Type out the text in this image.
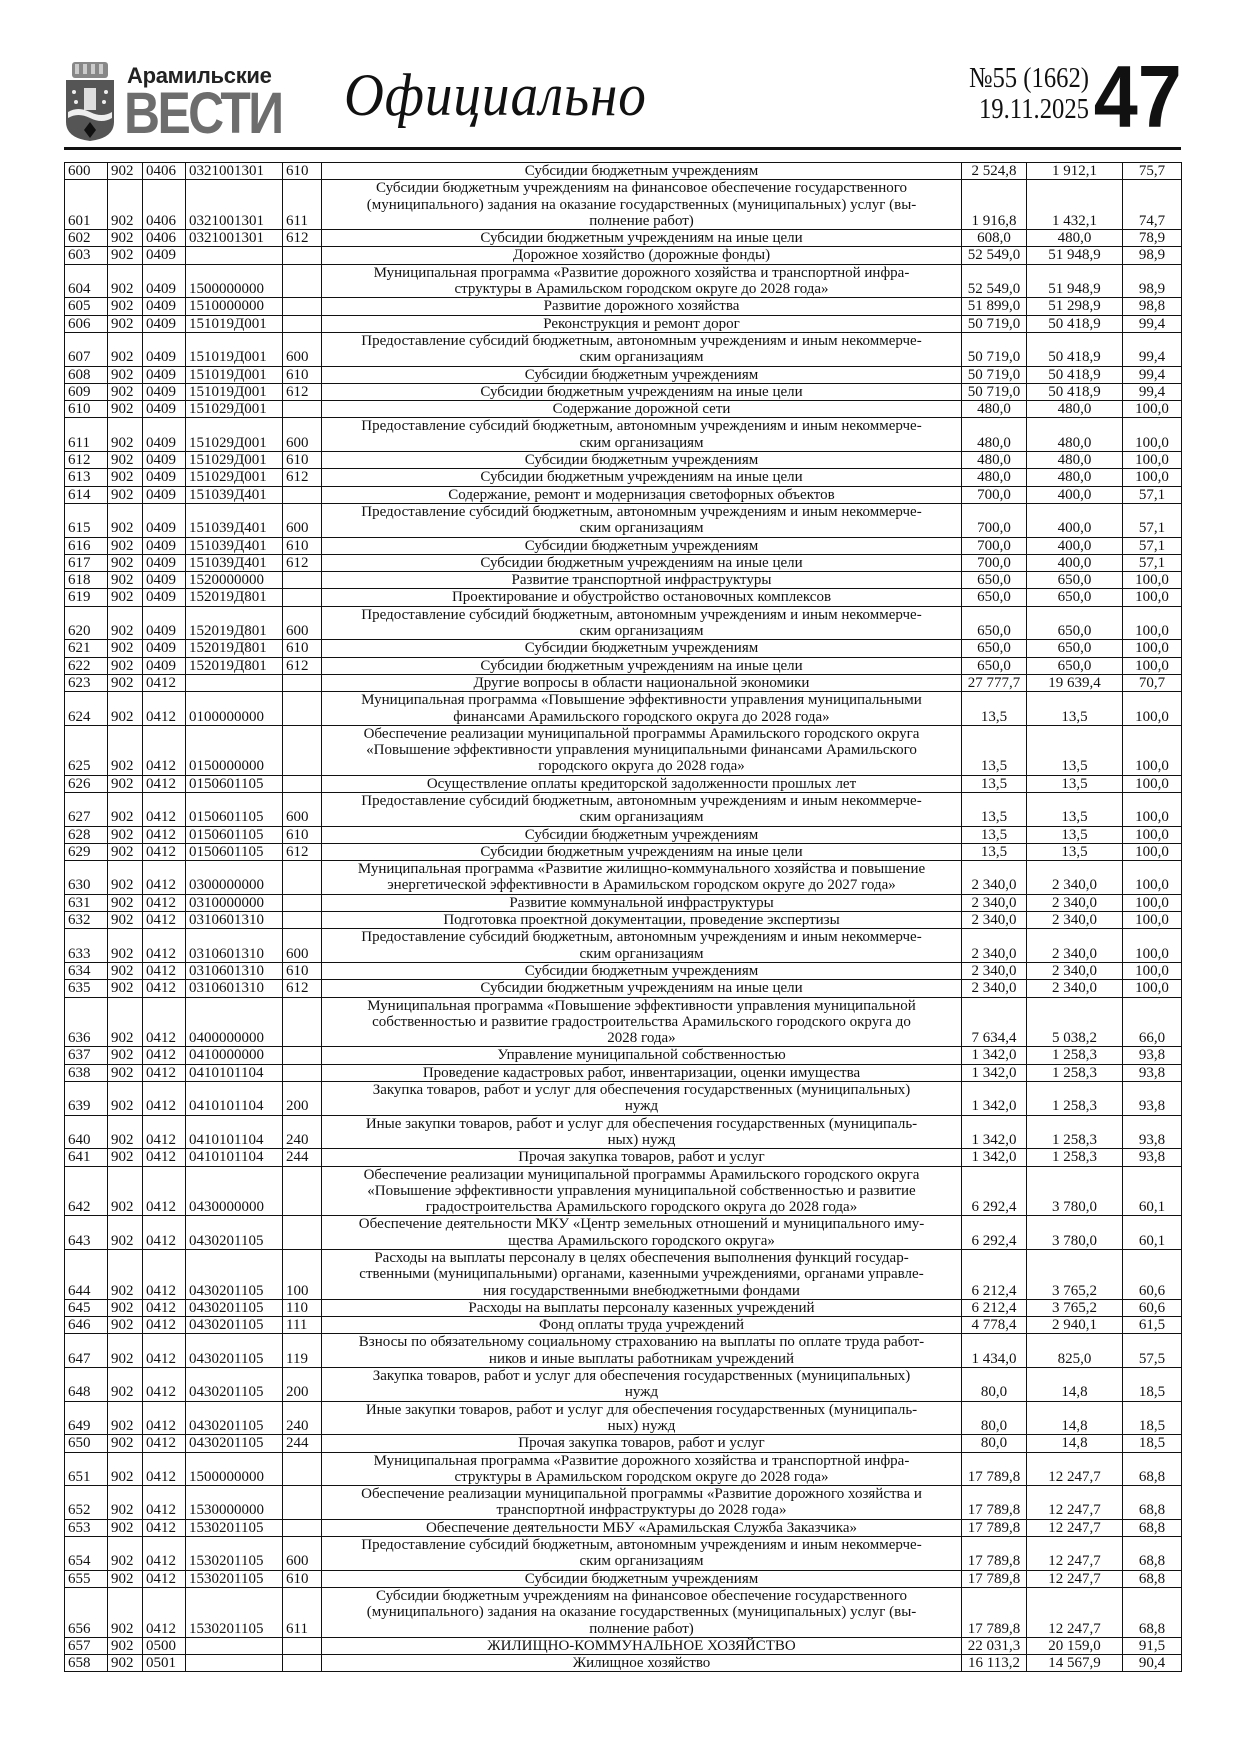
Арамильские
ВЕСТИ Официально	№55 (1662)
19.11.2025 47
600	902	0406	0321001301	610	Субсидии бюджетным учреждениям	2 524,8	1 912,1	75,7
601	902	0406	0321001301	611	Субсидии бюджетным учреждениям на финансовое обеспечение государственного
(муниципального) задания на оказание государственных (муниципальных) услуг (вы-
полнение работ)	1 916,8	1 432,1	74,7
602	902	0406	0321001301	612	Субсидии бюджетным учреждениям на иные цели	608,0	480,0	78,9
603	902	0409			Дорожное хозяйство (дорожные фонды)	52 549,0	51 948,9	98,9
604	902	0409	1500000000		Муниципальная программа «Развитие дорожного хозяйства и транспортной инфра-
структуры в Арамильском городском округе до 2028 года»	52 549,0	51 948,9	98,9
605	902	0409	1510000000		Развитие дорожного хозяйства	51 899,0	51 298,9	98,8
606	902	0409	151019Д001		Реконструкция и ремонт дорог	50 719,0	50 418,9	99,4
607	902	0409	151019Д001	600	Предоставление субсидий бюджетным, автономным учреждениям и иным некоммерче-
ским организациям	50 719,0	50 418,9	99,4
608	902	0409	151019Д001	610	Субсидии бюджетным учреждениям	50 719,0	50 418,9	99,4
609	902	0409	151019Д001	612	Субсидии бюджетным учреждениям на иные цели	50 719,0	50 418,9	99,4
610	902	0409	151029Д001		Содержание дорожной сети	480,0	480,0	100,0
611	902	0409	151029Д001	600	Предоставление субсидий бюджетным, автономным учреждениям и иным некоммерче-
ским организациям	480,0	480,0	100,0
612	902	0409	151029Д001	610	Субсидии бюджетным учреждениям	480,0	480,0	100,0
613	902	0409	151029Д001	612	Субсидии бюджетным учреждениям на иные цели	480,0	480,0	100,0
614	902	0409	151039Д401		Содержание, ремонт и модернизация светофорных объектов	700,0	400,0	57,1
615	902	0409	151039Д401	600	Предоставление субсидий бюджетным, автономным учреждениям и иным некоммерче-
ским организациям	700,0	400,0	57,1
616	902	0409	151039Д401	610	Субсидии бюджетным учреждениям	700,0	400,0	57,1
617	902	0409	151039Д401	612	Субсидии бюджетным учреждениям на иные цели	700,0	400,0	57,1
618	902	0409	1520000000		Развитие транспортной инфраструктуры	650,0	650,0	100,0
619	902	0409	152019Д801		Проектирование и обустройство остановочных комплексов	650,0	650,0	100,0
620	902	0409	152019Д801	600	Предоставление субсидий бюджетным, автономным учреждениям и иным некоммерче-
ским организациям	650,0	650,0	100,0
621	902	0409	152019Д801	610	Субсидии бюджетным учреждениям	650,0	650,0	100,0
622	902	0409	152019Д801	612	Субсидии бюджетным учреждениям на иные цели	650,0	650,0	100,0
623	902	0412			Другие вопросы в области национальной экономики	27 777,7	19 639,4	70,7
624	902	0412	0100000000		Муниципальная программа «Повышение эффективности управления муниципальными
финансами Арамильского городского округа до 2028 года»	13,5	13,5	100,0
625	902	0412	0150000000		Обеспечение реализации муниципальной программы Арамильского городского округа
«Повышение эффективности управления муниципальными финансами Арамильского
городского округа до 2028 года»	13,5	13,5	100,0
626	902	0412	0150601105		Осуществление оплаты кредиторской задолженности прошлых лет	13,5	13,5	100,0
627	902	0412	0150601105	600	Предоставление субсидий бюджетным, автономным учреждениям и иным некоммерче-
ским организациям	13,5	13,5	100,0
628	902	0412	0150601105	610	Субсидии бюджетным учреждениям	13,5	13,5	100,0
629	902	0412	0150601105	612	Субсидии бюджетным учреждениям на иные цели	13,5	13,5	100,0
630	902	0412	0300000000		Муниципальная программа «Развитие жилищно-коммунального хозяйства и повышение
энергетической эффективности в Арамильском городском округе до 2027 года»	2 340,0	2 340,0	100,0
631	902	0412	0310000000		Развитие коммунальной инфраструктуры	2 340,0	2 340,0	100,0
632	902	0412	0310601310		Подготовка проектной документации, проведение экспертизы	2 340,0	2 340,0	100,0
633	902	0412	0310601310	600	Предоставление субсидий бюджетным, автономным учреждениям и иным некоммерче-
ским организациям	2 340,0	2 340,0	100,0
634	902	0412	0310601310	610	Субсидии бюджетным учреждениям	2 340,0	2 340,0	100,0
635	902	0412	0310601310	612	Субсидии бюджетным учреждениям на иные цели	2 340,0	2 340,0	100,0
636	902	0412	0400000000		Муниципальная программа «Повышение эффективности управления муниципальной
собственностью и развитие градостроительства Арамильского городского округа до
2028 года»	7 634,4	5 038,2	66,0
637	902	0412	0410000000		Управление муниципальной собственностью	1 342,0	1 258,3	93,8
638	902	0412	0410101104		Проведение кадастровых работ, инвентаризации, оценки имущества	1 342,0	1 258,3	93,8
639	902	0412	0410101104	200	Закупка товаров, работ и услуг для обеспечения государственных (муниципальных)
нужд	1 342,0	1 258,3	93,8
640	902	0412	0410101104	240	Иные закупки товаров, работ и услуг для обеспечения государственных (муниципаль-
ных) нужд	1 342,0	1 258,3	93,8
641	902	0412	0410101104	244	Прочая закупка товаров, работ и услуг	1 342,0	1 258,3	93,8
642	902	0412	0430000000		Обеспечение реализации муниципальной программы Арамильского городского округа
«Повышение эффективности управления муниципальной собственностью и развитие
градостроительства Арамильского городского округа до 2028 года»	6 292,4	3 780,0	60,1
643	902	0412	0430201105		Обеспечение деятельности МКУ «Центр земельных отношений и муниципального иму-
щества Арамильского городского округа»	6 292,4	3 780,0	60,1
644	902	0412	0430201105	100	Расходы на выплаты персоналу в целях обеспечения выполнения функций государ-
ственными (муниципальными) органами, казенными учреждениями, органами управле-
ния государственными внебюджетными фондами	6 212,4	3 765,2	60,6
645	902	0412	0430201105	110	Расходы на выплаты персоналу казенных учреждений	6 212,4	3 765,2	60,6
646	902	0412	0430201105	111	Фонд оплаты труда учреждений	4 778,4	2 940,1	61,5
647	902	0412	0430201105	119	Взносы по обязательному социальному страхованию на выплаты по оплате труда работ-
ников и иные выплаты работникам учреждений	1 434,0	825,0	57,5
648	902	0412	0430201105	200	Закупка товаров, работ и услуг для обеспечения государственных (муниципальных)
нужд	80,0	14,8	18,5
649	902	0412	0430201105	240	Иные закупки товаров, работ и услуг для обеспечения государственных (муниципаль-
ных) нужд	80,0	14,8	18,5
650	902	0412	0430201105	244	Прочая закупка товаров, работ и услуг	80,0	14,8	18,5
651	902	0412	1500000000		Муниципальная программа «Развитие дорожного хозяйства и транспортной инфра-
структуры в Арамильском городском округе до 2028 года»	17 789,8	12 247,7	68,8
652	902	0412	1530000000		Обеспечение реализации муниципальной программы «Развитие дорожного хозяйства и
транспортной инфраструктуры до 2028 года»	17 789,8	12 247,7	68,8
653	902	0412	1530201105		Обеспечение деятельности МБУ «Арамильская Служба Заказчика»	17 789,8	12 247,7	68,8
654	902	0412	1530201105	600	Предоставление субсидий бюджетным, автономным учреждениям и иным некоммерче-
ским организациям	17 789,8	12 247,7	68,8
655	902	0412	1530201105	610	Субсидии бюджетным учреждениям	17 789,8	12 247,7	68,8
656	902	0412	1530201105	611	Субсидии бюджетным учреждениям на финансовое обеспечение государственного
(муниципального) задания на оказание государственных (муниципальных) услуг (вы-
полнение работ)	17 789,8	12 247,7	68,8
657	902	0500			ЖИЛИЩНО-КОММУНАЛЬНОЕ ХОЗЯЙСТВО	22 031,3	20 159,0	91,5
658	902	0501			Жилищное хозяйство	16 113,2	14 567,9	90,4
